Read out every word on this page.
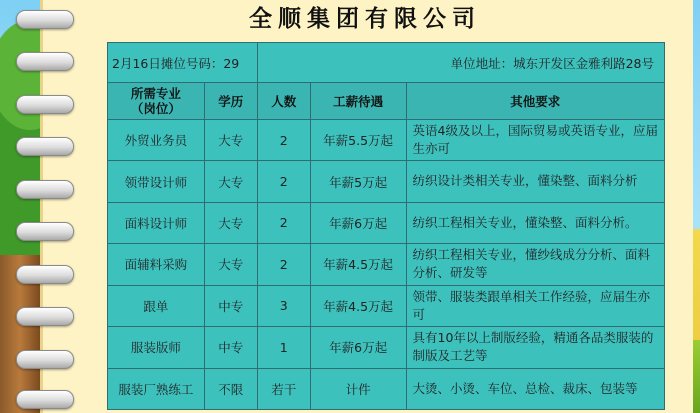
全顺集团有限公司
2月16日摊位号码：29		单位地址：城东开发区金雅利路28号		
所需专业
（岗位）	学历	人数	工薪待遇	其他要求
外贸业务员	大专	2	年薪5.5万起	英语4级及以上，国际贸易或英语专业，应届生亦可
领带设计师	大专	2	年薪5万起	纺织设计类相关专业，懂染整、面料分析
面料设计师	大专	2	年薪6万起	纺织工程相关专业，懂染整、面料分析。
面辅料采购	大专	2	年薪4.5万起	纺织工程相关专业，懂纱线成分分析、面料分析、研发等
跟单	中专	3	年薪4.5万起	领带、服装类跟单相关工作经验，应届生亦可
服装版师	中专	1	年薪6万起	具有10年以上制版经验，精通各品类服装的制版及工艺等
服装厂熟练工	不限	若干	计件	大烫、小烫、车位、总检、裁床、包装等
